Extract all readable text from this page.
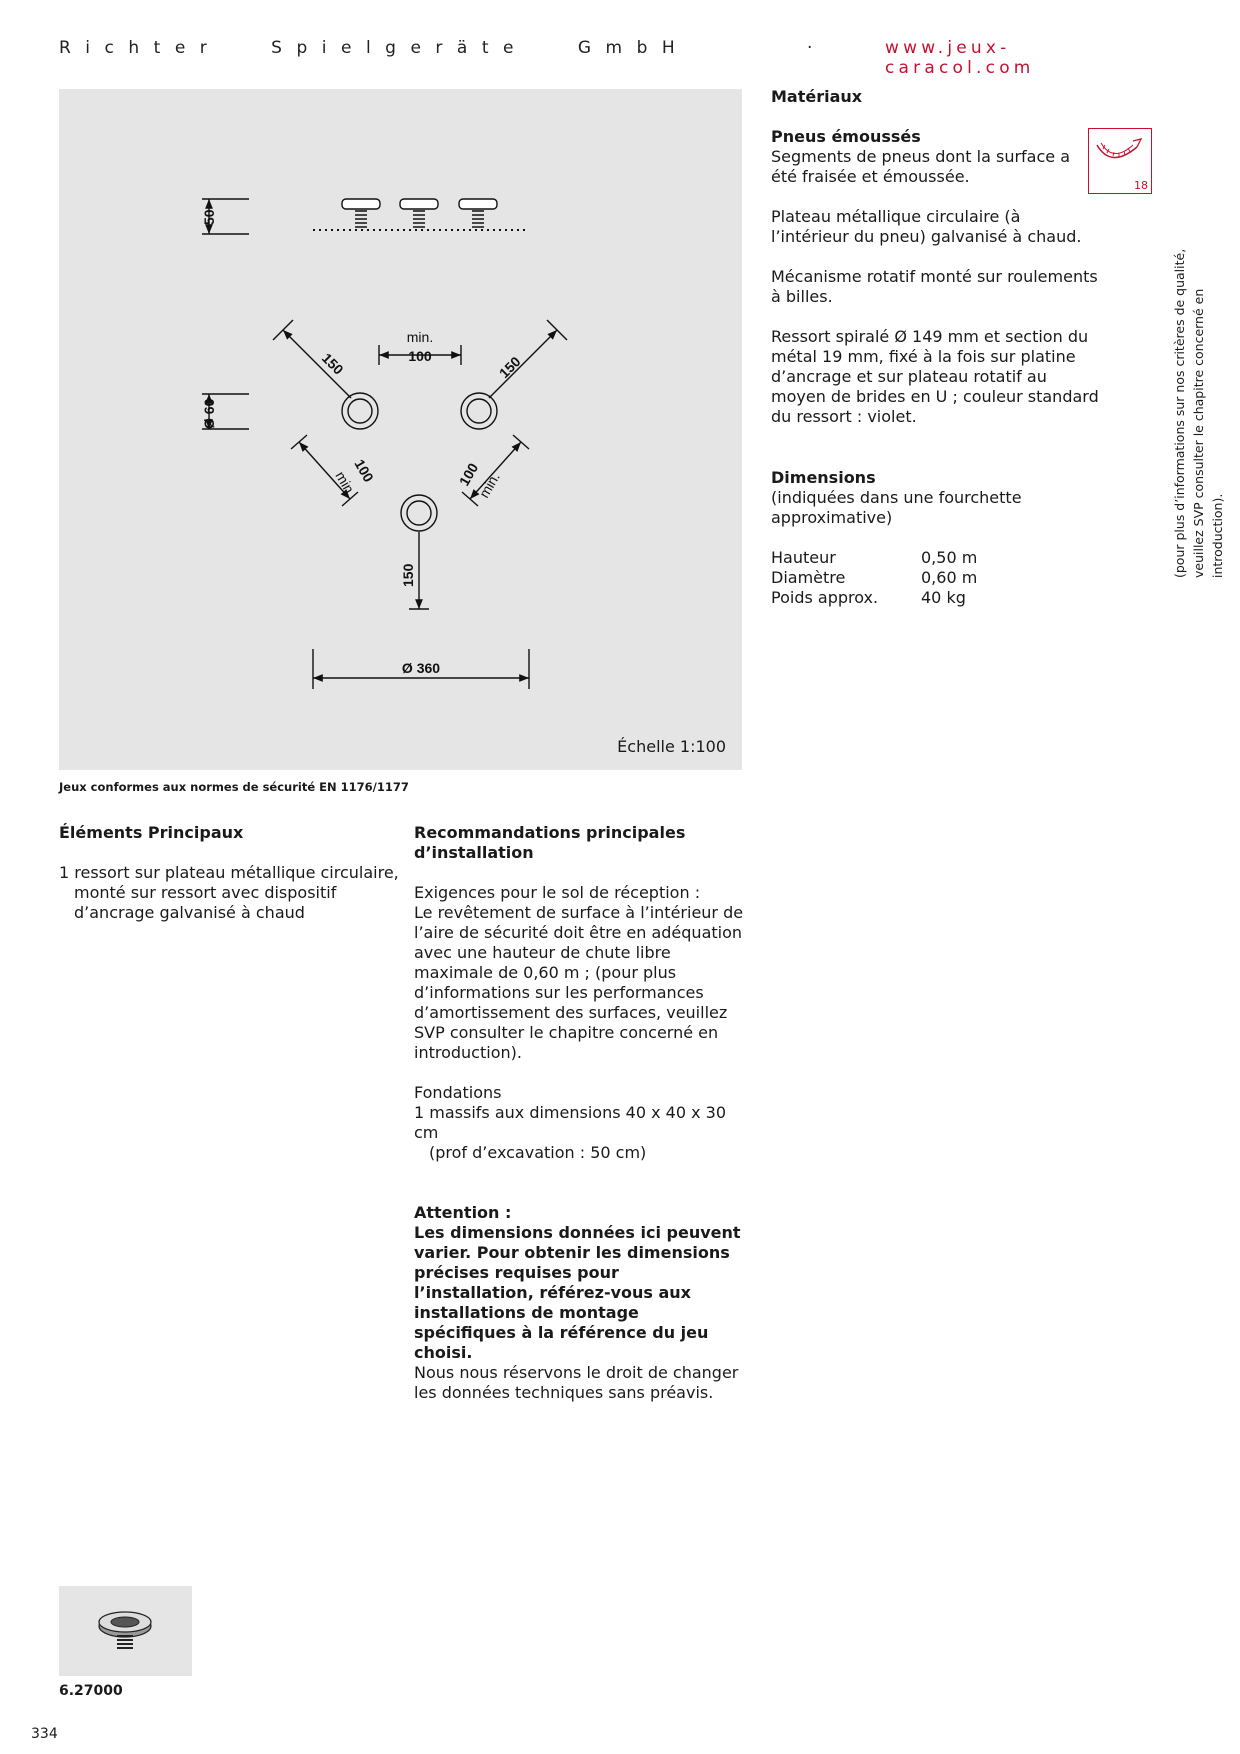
Richter Spielgeräte GmbH	·	www.jeux-caracol.com
50
Ø 60
min.
100
150	150
100
min.	100
min.
150
Ø 360
Échelle 1:100
Jeux conformes aux normes de sécurité EN 1176/1177
Matériaux
Pneus émoussés
18
Segments de pneus dont la surface a été fraisée et émoussée.
Plateau métallique circulaire (à l’intérieur du pneu) galvanisé à chaud.
Mécanisme rotatif monté sur roulements à billes.
Ressort spiralé Ø 149 mm et section du métal 19 mm, fixé à la fois sur platine d’ancrage et sur plateau rotatif au moyen de brides en U ; couleur standard du ressort : violet.
(pour plus d’informations sur nos critères de qualité,
veuillez SVP consulter le chapitre concerné en introduction).
Dimensions
(indiquées dans une fourchette approximative)
Hauteur	0,50 m
Diamètre	0,60 m
Poids approx.	40 kg
Éléments Principaux
1 ressort sur plateau métallique circulaire, monté sur ressort avec dispositif d’ancrage galvanisé à chaud
Recommandations principales d’installation
Exigences pour le sol de réception :
Le revêtement de surface à l’intérieur de l’aire de sécurité doit être en adéquation avec une hauteur de chute libre maximale de 0,60 m ; (pour plus d’informations sur les performances d’amortissement des surfaces, veuillez SVP consulter le chapitre concerné en introduction).
Fondations
1 massifs aux dimensions 40 x 40 x 30 cm
(prof d’excavation : 50 cm)
Attention :
Les dimensions données ici peuvent varier. Pour obtenir les dimensions précises requises pour l’installation, référez-vous aux installations de montage spécifiques à la référence du jeu choisi.
Nous nous réservons le droit de changer les données techniques sans préavis.
6.27000
334
